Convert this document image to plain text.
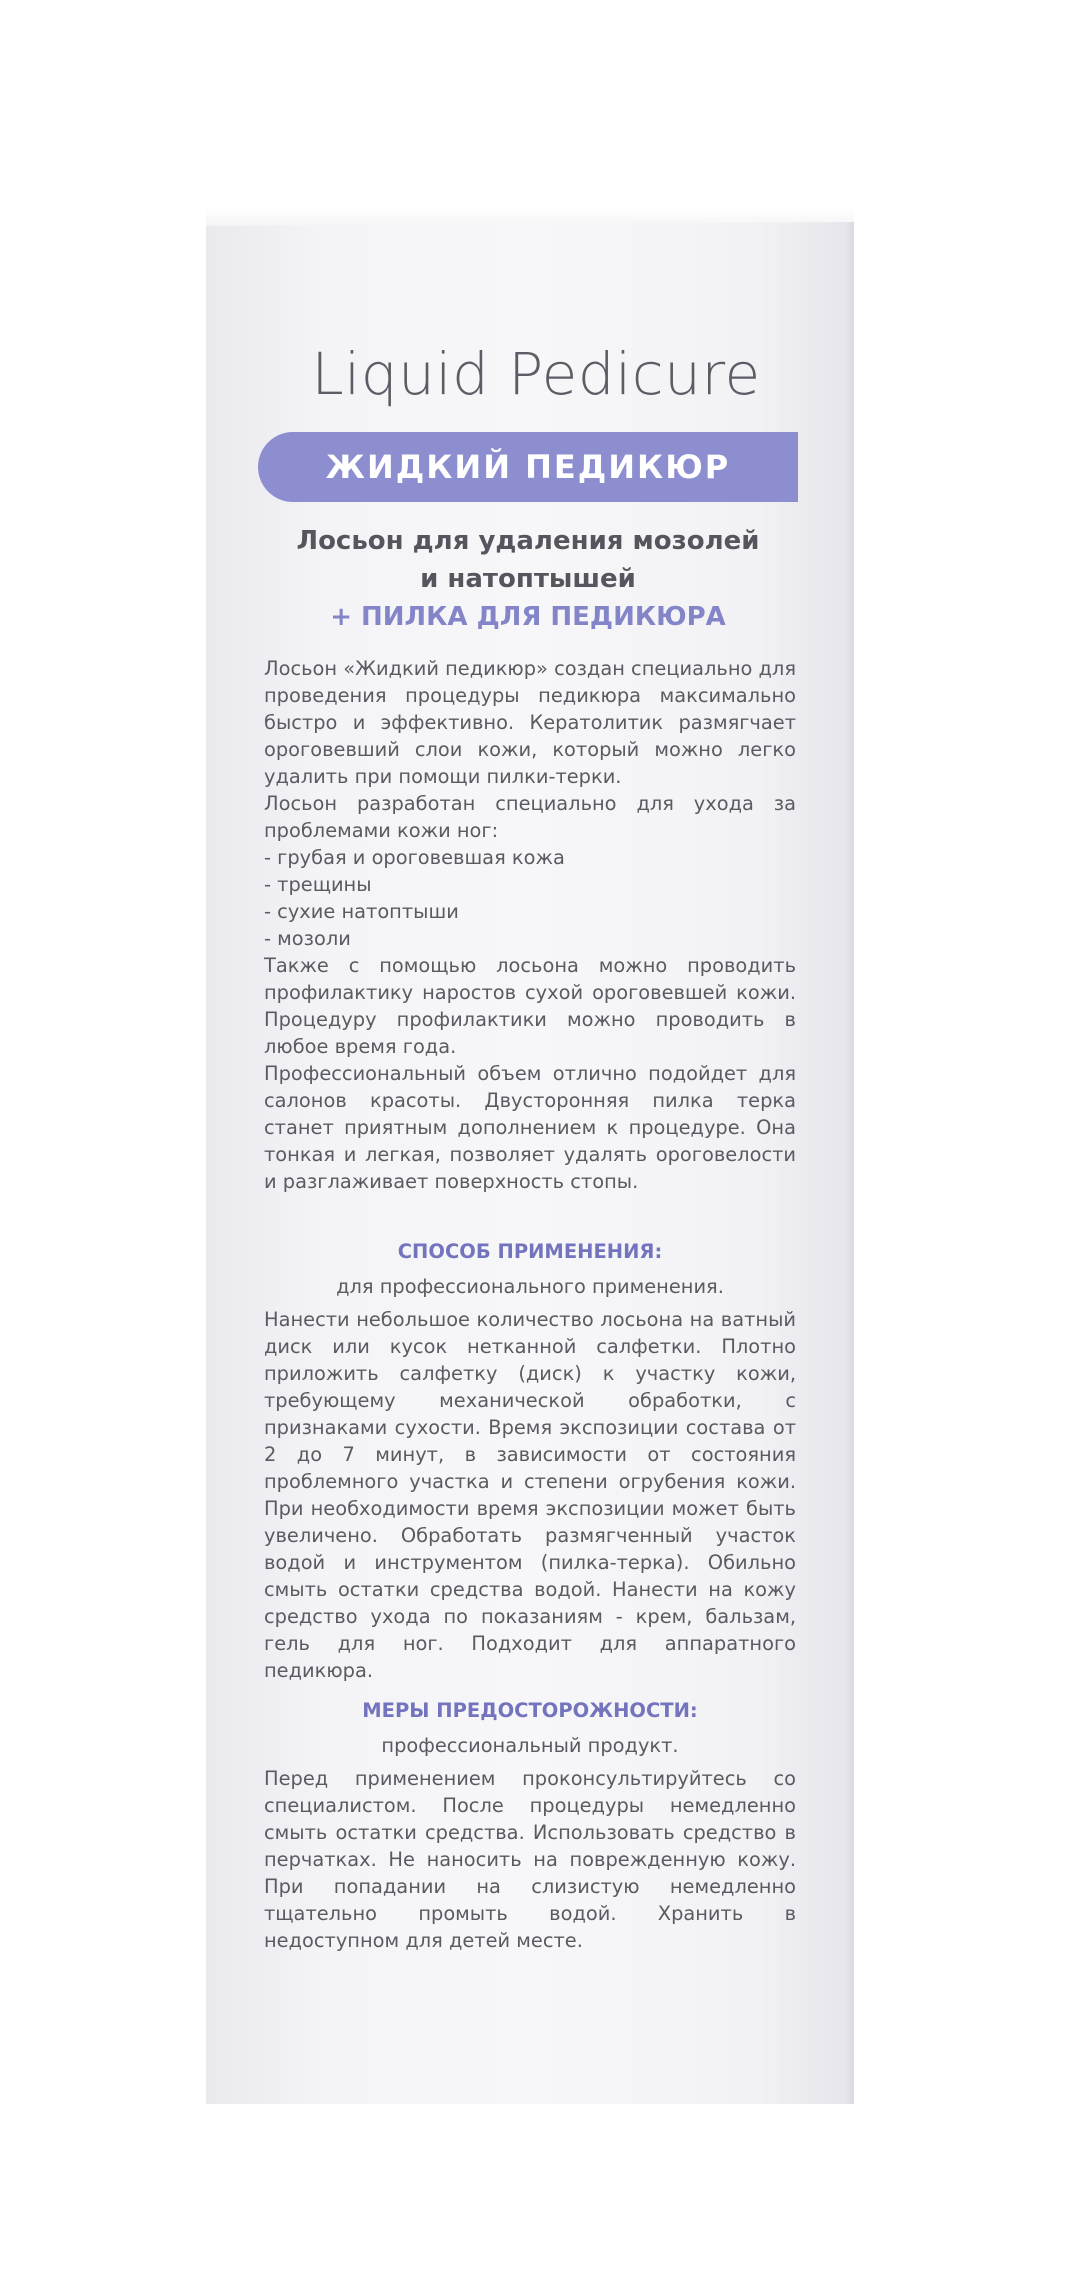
Liquid Pedicure
ЖИДКИЙ ПЕДИКЮР
Лосьон для удаления мозолей
и натоптышей
+ ПИЛКА ДЛЯ ПЕДИКЮРА

Лосьон «Жидкий педикюр» создан специально для проведения процедуры педикюра максимально быстро и эффективно. Кератолитик размягчает ороговевший слои кожи, который можно легко удалить при помощи пилки-терки.

Лосьон разработан специально для ухода за проблемами кожи ног:

- грубая и ороговевшая кожа

- трещины

- сухие натоптыши

- мозоли

Также с помощью лосьона можно проводить профилактику наростов сухой ороговевшей кожи. Процедуру профилактики можно проводить в любое время года.

Профессиональный объем отлично подойдет для салонов красоты. Двусторонняя пилка терка станет приятным дополнением к процедуре. Она тонкая и легкая, позволяет удалять ороговелости и разглаживает поверхность стопы.

СПОСОБ ПРИМЕНЕНИЯ:

для профессионального применения.

Нанести небольшое количество лосьона на ватный диск или кусок нетканной салфетки. Плотно приложить салфетку (диск) к участку кожи, требующему механической обработки, с признаками сухости. Время экспозиции состава от 2 до 7 минут, в зависимости от состояния проблемного участка и степени огрубения кожи. При необходимости время экспозиции может быть увеличено. Обработать размягченный участок водой и инструментом (пилка-терка). Обильно смыть остатки средства водой. Нанести на кожу средство ухода по показаниям - крем, бальзам, гель для ног. Подходит для аппаратного педикюра.

МЕРЫ ПРЕДОСТОРОЖНОСТИ:

профессиональный продукт.

Перед применением проконсультируйтесь со специалистом. После процедуры немедленно смыть остатки средства. Использовать средство в перчатках. Не наносить на поврежденную кожу. При попадании на слизистую немедленно тщательно промыть водой. Хранить в недоступном для детей месте.
